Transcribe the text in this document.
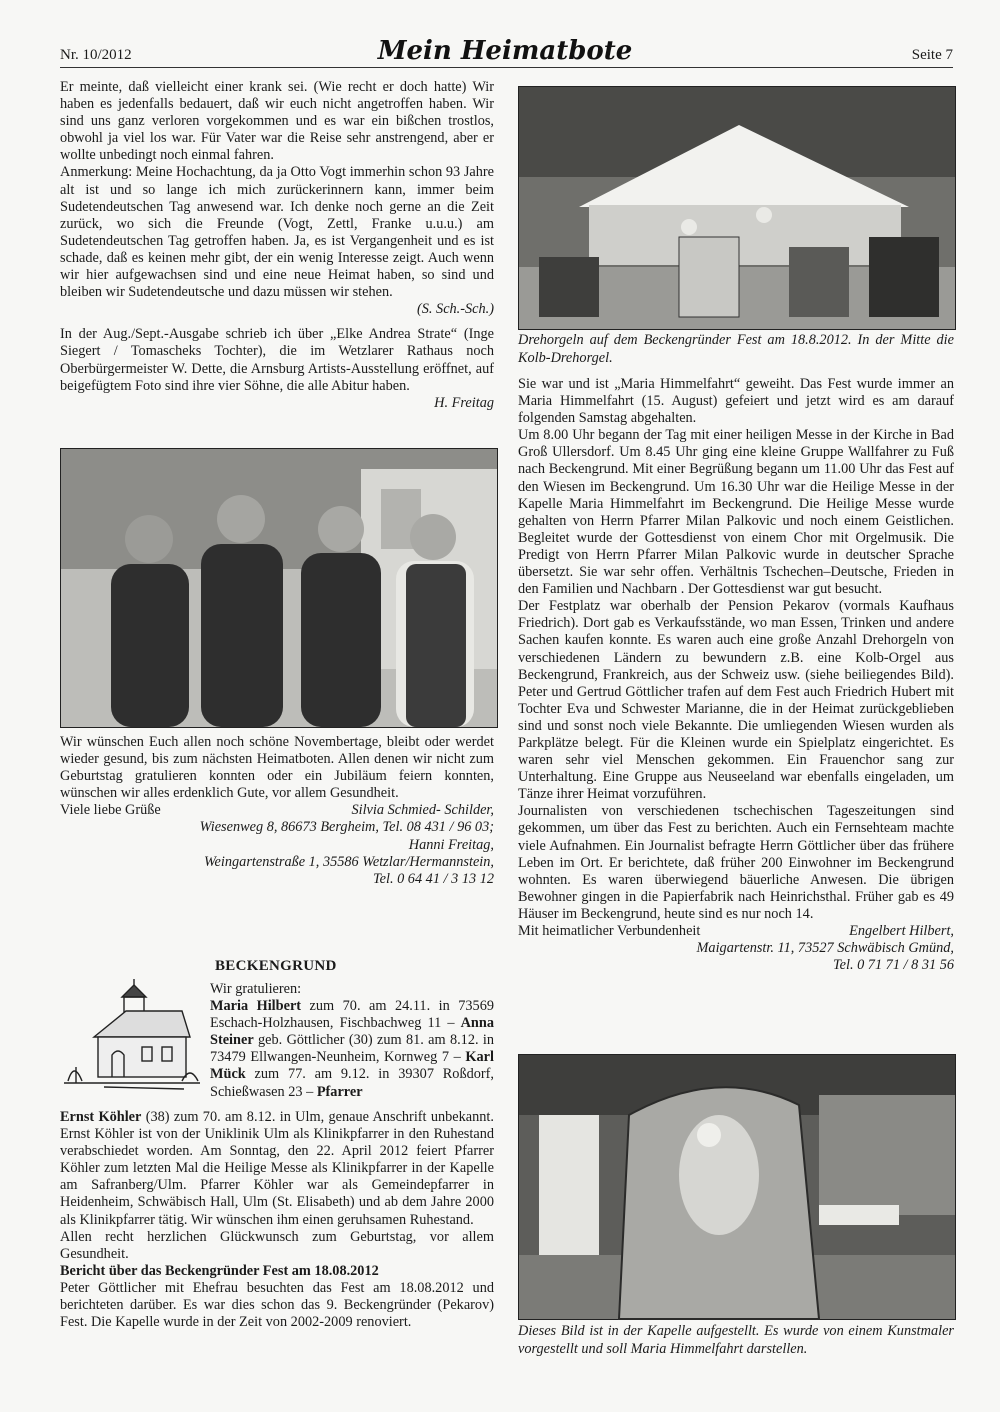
Nr. 10/2012	Mein Heimatbote	Seite 7

Er meinte, daß vielleicht einer krank sei. (Wie recht er doch hatte) Wir haben es jedenfalls bedauert, daß wir euch nicht angetroffen haben. Wir sind uns ganz verloren vorgekommen und es war ein bißchen trostlos, obwohl ja viel los war. Für Vater war die Reise sehr anstrengend, aber er wollte unbedingt noch einmal fahren.

Anmerkung: Meine Hochachtung, da ja Otto Vogt immerhin schon 93 Jahre alt ist und so lange ich mich zurückerinnern kann, immer beim Sudetendeutschen Tag anwesend war. Ich denke noch gerne an die Zeit zurück, wo sich die Freunde (Vogt, Zettl, Franke u.u.u.) am Sudetendeutschen Tag getroffen haben. Ja, es ist Vergangenheit und es ist schade, daß es keinen mehr gibt, der ein wenig Interesse zeigt. Auch wenn wir hier aufgewachsen sind und eine neue Heimat haben, so sind und bleiben wir Sudetendeutsche und dazu müssen wir stehen.

(S. Sch.-Sch.)

In der Aug./Sept.-Ausgabe schrieb ich über „Elke Andrea Strate“ (Inge Siegert / Tomascheks Tochter), die im Wetzlarer Rathaus noch Oberbürgermeister W. Dette, die Arnsburg Artists-Ausstellung eröffnet, auf beigefügtem Foto sind ihre vier Söhne, die alle Abitur haben.

H. Freitag

Wir wünschen Euch allen noch schöne Novembertage, bleibt oder werdet wieder gesund, bis zum nächsten Heimatboten. Allen denen wir nicht zum Geburtstag gratulieren konnten oder ein Jubiläum feiern konnten, wünschen wir alles erdenklich Gute, vor allem Gesundheit.

Viele liebe Grüße	Silvia Schmied- Schilder,

Wiesenweg 8, 86673 Bergheim, Tel. 08 431 / 96 03;

Hanni Freitag,

Weingartenstraße 1, 35586 Wetzlar/Hermannstein,

Tel. 0 64 41 / 3 13 12

BECKENGRUND

Wir gratulieren:

Maria Hilbert zum 70. am 24.11. in 73569 Eschach-Holzhausen, Fischbachweg 11 – Anna Steiner geb. Göttlicher (30) zum 81. am 8.12. in 73479 Ellwangen-Neunheim, Kornweg 7 – Karl Mück zum 77. am 9.12. in 39307 Roßdorf, Schießwasen 23 – Pfarrer

Ernst Köhler (38) zum 70. am 8.12. in Ulm, genaue Anschrift unbekannt. Ernst Köhler ist von der Uniklinik Ulm als Klinikpfarrer in den Ruhestand verabschiedet worden. Am Sonntag, den 22. April 2012 feiert Pfarrer Köhler zum letzten Mal die Heilige Messe als Klinikpfarrer in der Kapelle am Safranberg/Ulm. Pfarrer Köhler war als Gemeindepfarrer in Heidenheim, Schwäbisch Hall, Ulm (St. Elisabeth) und ab dem Jahre 2000 als Klinikpfarrer tätig. Wir wünschen ihm einen geruhsamen Ruhestand.

Allen recht herzlichen Glückwunsch zum Geburtstag, vor allem Gesundheit.

Bericht über das Beckengründer Fest am 18.08.2012

Peter Göttlicher mit Ehefrau besuchten das Fest am 18.08.2012 und berichteten darüber. Es war dies schon das 9. Beckengründer (Pekarov) Fest. Die Kapelle wurde in der Zeit von 2002-2009 renoviert.

Drehorgeln auf dem Beckengründer Fest am 18.8.2012. In der Mitte die Kolb-Drehorgel.

Sie war und ist „Maria Himmelfahrt“ geweiht. Das Fest wurde immer an Maria Himmelfahrt (15. August) gefeiert und jetzt wird es am darauf folgenden Samstag abgehalten.

Um 8.00 Uhr begann der Tag mit einer heiligen Messe in der Kirche in Bad Groß Ullersdorf. Um 8.45 Uhr ging eine kleine Gruppe Wallfahrer zu Fuß nach Beckengrund. Mit einer Begrüßung begann um 11.00 Uhr das Fest auf den Wiesen im Beckengrund. Um 16.30 Uhr war die Heilige Messe in der Kapelle Maria Himmelfahrt im Beckengrund. Die Heilige Messe wurde gehalten von Herrn Pfarrer Milan Palkovic und noch einem Geistlichen. Begleitet wurde der Gottesdienst von einem Chor mit Orgelmusik. Die Predigt von Herrn Pfarrer Milan Palkovic wurde in deutscher Sprache übersetzt. Sie war sehr offen. Verhältnis Tschechen–Deutsche, Frieden in den Familien und Nachbarn . Der Gottesdienst war gut besucht.

Der Festplatz war oberhalb der Pension Pekarov (vormals Kaufhaus Friedrich). Dort gab es Verkaufsstände, wo man Essen, Trinken und andere Sachen kaufen konnte. Es waren auch eine große Anzahl Drehorgeln von verschiedenen Ländern zu bewundern z.B. eine Kolb-Orgel aus Beckengrund, Frankreich, aus der Schweiz usw. (siehe beiliegendes Bild). Peter und Gertrud Göttlicher trafen auf dem Fest auch Friedrich Hubert mit Tochter Eva und Schwester Marianne, die in der Heimat zurückgeblieben sind und sonst noch viele Bekannte. Die umliegenden Wiesen wurden als Parkplätze belegt. Für die Kleinen wurde ein Spielplatz eingerichtet. Es waren sehr viel Menschen gekommen. Ein Frauenchor sang zur Unterhaltung. Eine Gruppe aus Neuseeland war ebenfalls eingeladen, um Tänze ihrer Heimat vorzuführen.

Journalisten von verschiedenen tschechischen Tageszeitungen sind gekommen, um über das Fest zu berichten. Auch ein Fernsehteam machte viele Aufnahmen. Ein Journalist befragte Herrn Göttlicher über das frühere Leben im Ort. Er berichtete, daß früher 200 Einwohner im Beckengrund wohnten. Es waren überwiegend bäuerliche Anwesen. Die übrigen Bewohner gingen in die Papierfabrik nach Heinrichsthal. Früher gab es 49 Häuser im Beckengrund, heute sind es nur noch 14.

Mit heimatlicher Verbundenheit	Engelbert Hilbert,

Maigartenstr. 11, 73527 Schwäbisch Gmünd,

Tel. 0 71 71 / 8 31 56

Dieses Bild ist in der Kapelle aufgestellt. Es wurde von einem Kunstmaler vorgestellt und soll Maria Himmelfahrt darstellen.
